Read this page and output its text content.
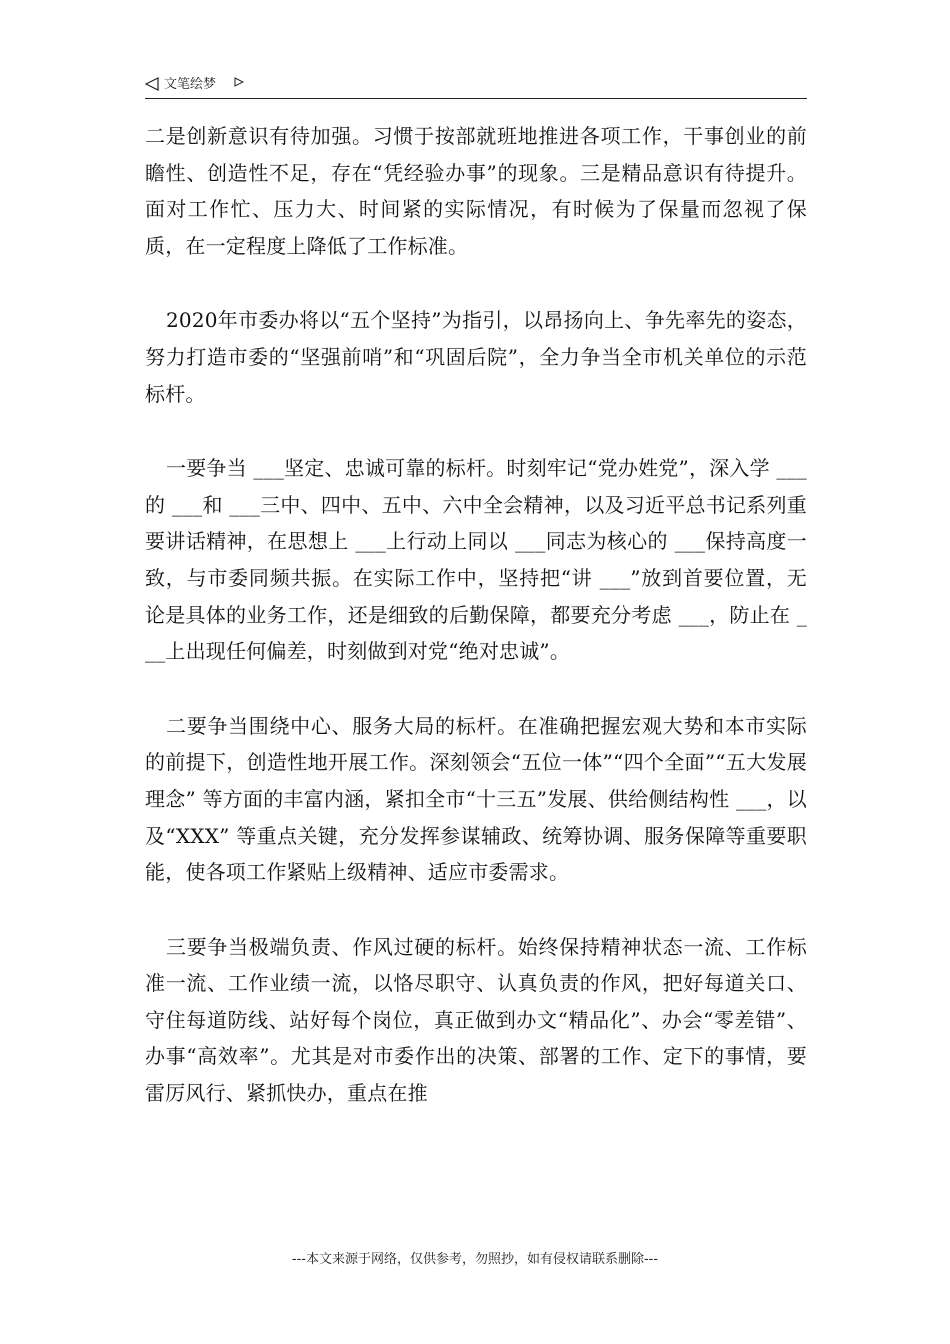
文笔绘梦

二是创新意识有待加强。习惯于按部就班地推进各项工作，干事创业的前瞻性、创造性不足，存在“凭经验办事”的现象。三是精品意识有待提升。面对工作忙、压力大、时间紧的实际情况，有时候为了保量而忽视了保质，在一定程度上降低了工作标准。

2020年市委办将以“五个坚持”为指引，以昂扬向上、争先率先的姿态，努力打造市委的“坚强前哨”和“巩固后院”，全力争当全市机关单位的示范标杆。

一要争当 ___坚定、忠诚可靠的标杆。时刻牢记“党办姓党”，深入学 ___的 ___和 ___三中、四中、五中、六中全会精神，以及习近平总书记系列重要讲话精神，在思想上 ___上行动上同以 ___同志为核心的 ___保持高度一致，与市委同频共振。在实际工作中，坚持把“讲 ___”放到首要位置，无论是具体的业务工作，还是细致的后勤保障，都要充分考虑 ___，防止在 ___上出现任何偏差，时刻做到对党“绝对忠诚”。

二要争当围绕中心、服务大局的标杆。在准确把握宏观大势和本市实际的前提下，创造性地开展工作。深刻领会“五位一体”“四个全面”“五大发展理念” 等方面的丰富内涵，紧扣全市“十三五”发展、供给侧结构性 ___，以及“XXX” 等重点关键，充分发挥参谋辅政、统筹协调、服务保障等重要职能，使各项工作紧贴上级精神、适应市委需求。

三要争当极端负责、作风过硬的标杆。始终保持精神状态一流、工作标准一流、工作业绩一流，以恪尽职守、认真负责的作风，把好每道关口、守住每道防线、站好每个岗位，真正做到办文“精品化”、办会“零差错”、办事“高效率”。尤其是对市委作出的决策、部署的工作、定下的事情，要雷厉风行、紧抓快办，重点在推

---本文来源于网络，仅供参考，勿照抄，如有侵权请联系删除---
